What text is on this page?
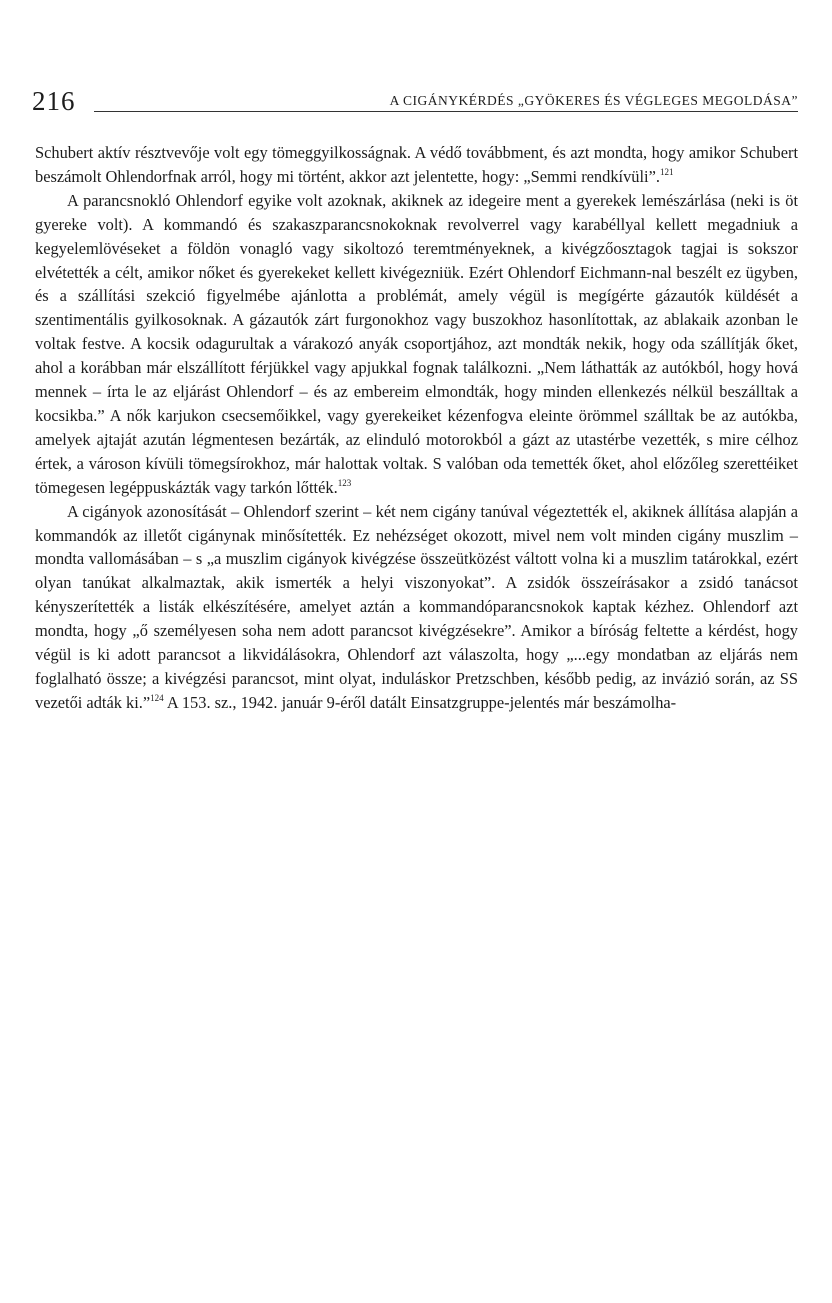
216	A CIGÁNYKÉRDÉS „GYÖKERES ÉS VÉGLEGES MEGOLDÁSA”

Schubert aktív résztvevője volt egy tömeggyilkosságnak. A védő továbbment, és azt mondta, hogy amikor Schubert beszámolt Ohlendorfnak arról, hogy mi történt, akkor azt jelentette, hogy: „Semmi rendkívüli”.$^{121}$

A parancsnokló Ohlendorf egyike volt azoknak, akiknek az idegeire ment a gyerekek lemészárlása (neki is öt gyereke volt). A kommandó és szakaszparancsnokoknak revolverrel vagy karabéllyal kellett megadniuk a kegyelemlövéseket a földön vonagló vagy sikoltozó teremtményeknek, a kivégzőosztagok tagjai is sokszor elvétették a célt, amikor nőket és gyerekeket kellett kivégezniük. Ezért Ohlendorf Eichmann-nal beszélt ez ügyben, és a szállítási szekció figyelmébe ajánlotta a problémát, amely végül is megígérte gázautók küldését a szentimentális gyilkosoknak. A gázautók zárt furgonokhoz vagy buszokhoz hasonlítottak, az ablakaik azonban le voltak festve. A kocsik odagurultak a várakozó anyák csoportjához, azt mondták nekik, hogy oda szállítják őket, ahol a korábban már elszállított férjükkel vagy apjukkal fognak találkozni. „Nem láthatták az autókból, hogy hová mennek – írta le az eljárást Ohlendorf – és az embereim elmondták, hogy minden ellenkezés nélkül beszálltak a kocsikba.” A nők karjukon csecsemőikkel, vagy gyerekeiket kézenfogva eleinte örömmel szálltak be az autókba, amelyek ajtaját azután légmentesen bezárták, az elinduló motorokból a gázt az utastérbe vezették, s mire célhoz értek, a városon kívüli tömegsírokhoz, már halottak voltak. S valóban oda temették őket, ahol előzőleg szerettéiket tömegesen legéppuskázták vagy tarkón lőtték.$^{123}$

A cigányok azonosítását – Ohlendorf szerint – két nem cigány tanúval végeztették el, akiknek állítása alapján a kommandók az illetőt cigánynak minősítették. Ez nehézséget okozott, mivel nem volt minden cigány muszlim – mondta vallomásában – s „a muszlim cigányok kivégzése összeütközést váltott volna ki a muszlim tatárokkal, ezért olyan tanúkat alkalmaztak, akik ismerték a helyi viszonyokat”. A zsidók összeírásakor a zsidó tanácsot kényszerítették a listák elkészítésére, amelyet aztán a kommandóparancsnokok kaptak kézhez. Ohlendorf azt mondta, hogy „ő személyesen soha nem adott parancsot kivégzésekre”. Amikor a bíróság feltette a kérdést, hogy végül is ki adott parancsot a likvidálásokra, Ohlendorf azt válaszolta, hogy „...egy mondatban az eljárás nem foglalható össze; a kivégzési parancsot, mint olyat, induláskor Pretzschben, később pedig, az invázió során, az SS vezetői adták ki.”$^{124}$ A 153. sz., 1942. január 9-éről datált Einsatzgruppe-jelentés már beszámolha-
